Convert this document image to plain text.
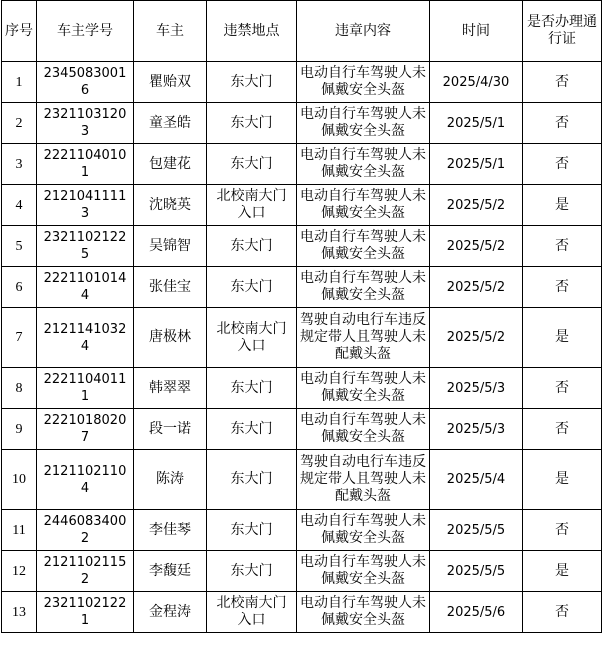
序号	车主学号	车主	违禁地点	违章内容	时间	是否办理通行证
1	23450830016	瞿贻双	东大门	电动自行车驾驶人未佩戴安全头盔	2025/4/30	否
2	23211031203	童圣皓	东大门	电动自行车驾驶人未佩戴安全头盔	2025/5/1	否
3	22211040101	包建花	东大门	电动自行车驾驶人未佩戴安全头盔	2025/5/1	否
4	21210411113	沈晓英	北校南大门入口	电动自行车驾驶人未佩戴安全头盔	2025/5/2	是
5	23211021225	吴锦智	东大门	电动自行车驾驶人未佩戴安全头盔	2025/5/2	否
6	22211010144	张佳宝	东大门	电动自行车驾驶人未佩戴安全头盔	2025/5/2	否
7	21211410324	唐极林	北校南大门入口	驾驶自动电行车违反规定带人且驾驶人未配戴头盔	2025/5/2	是
8	22211040111	韩翠翠	东大门	电动自行车驾驶人未佩戴安全头盔	2025/5/3	否
9	22210180207	段一诺	东大门	电动自行车驾驶人未佩戴安全头盔	2025/5/3	否
10	21211021104	陈涛	东大门	驾驶自动电行车违反规定带人且驾驶人未配戴头盔	2025/5/4	是
11	24460834002	李佳琴	东大门	电动自行车驾驶人未佩戴安全头盔	2025/5/5	否
12	21211021152	李馥廷	东大门	电动自行车驾驶人未佩戴安全头盔	2025/5/5	是
13	23211021221	金程涛	北校南大门入口	电动自行车驾驶人未佩戴安全头盔	2025/5/6	否
